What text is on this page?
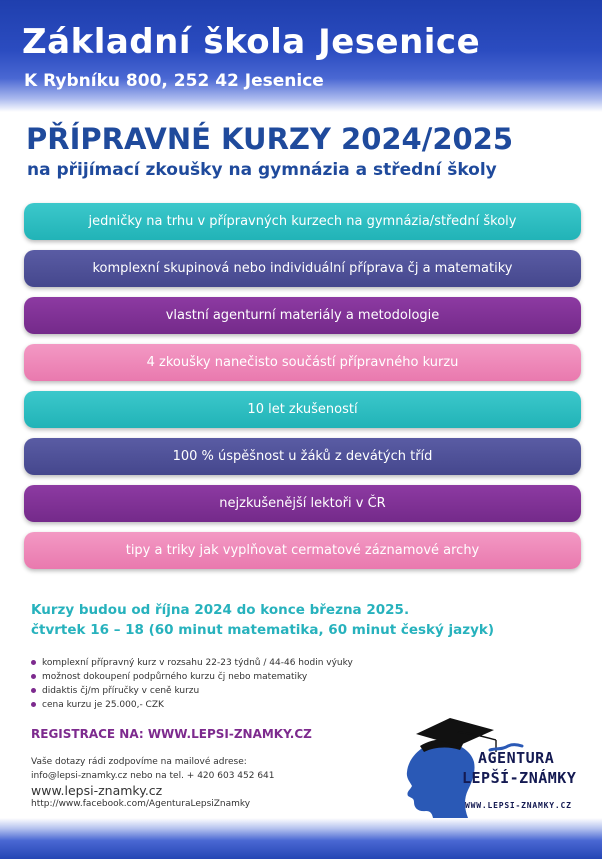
Základní škola Jesenice
K Rybníku 800, 252 42 Jesenice
PŘÍPRAVNÉ KURZY 2024/2025
na přijímací zkoušky na gymnázia a střední školy
jedničky na trhu v přípravných kurzech na gymnázia/střední školy
komplexní skupinová nebo individuální příprava čj a matematiky
vlastní agenturní materiály a metodologie
4 zkoušky nanečisto součástí přípravného kurzu
10 let zkušeností
100 % úspěšnost u žáků z devátých tříd
nejzkušenější lektoři v ČR
tipy a triky jak vyplňovat cermatové záznamové archy
Kurzy budou od října 2024 do konce března 2025.
čtvrtek 16 – 18 (60 minut matematika, 60 minut český jazyk)
komplexní přípravný kurz v rozsahu 22-23 týdnů / 44-46 hodin výuky
možnost dokoupení podpůrného kurzu čj nebo matematiky
didaktis čj/m příručky v ceně kurzu
cena kurzu je 25.000,- CZK
REGISTRACE NA: WWW.LEPSI-ZNAMKY.CZ
Vaše dotazy rádi zodpovíme na mailové adrese:
info@lepsi-znamky.cz nebo na tel. + 420 603 452 641
www.lepsi-znamky.cz
http://www.facebook.com/AgenturaLepsiZnamky
AGENTURA
LEPŠÍ-ZNÁMKY
WWW.LEPSI-ZNAMKY.CZ
